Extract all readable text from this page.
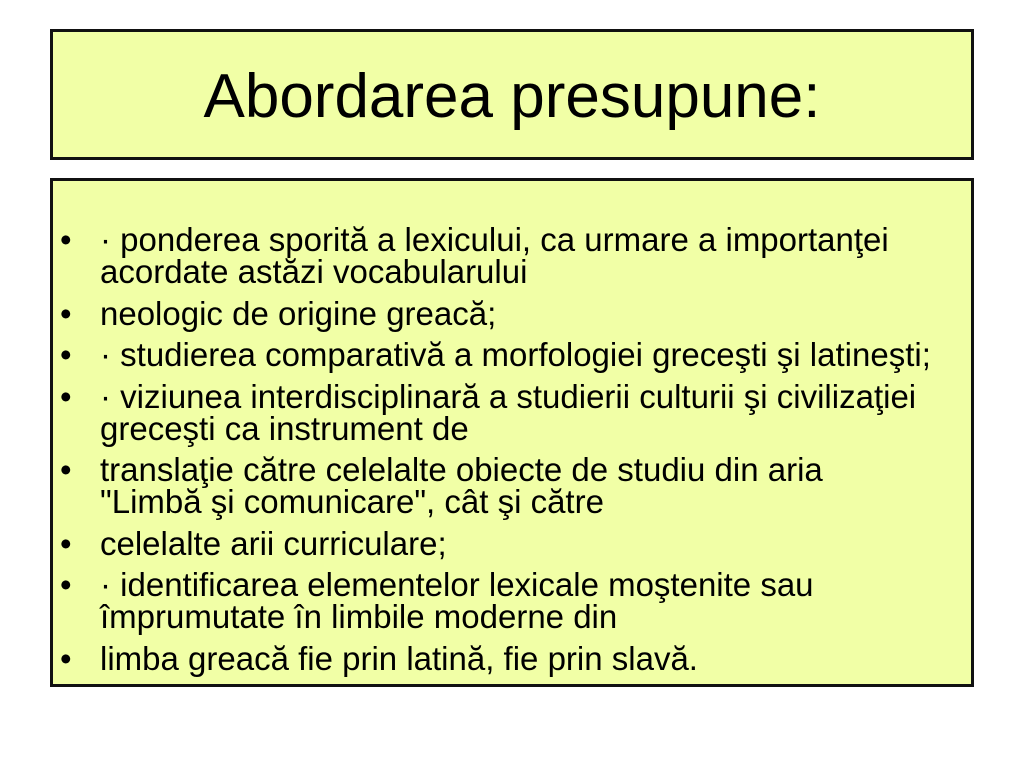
Abordarea presupune:
• · ponderea sporită a lexicului, ca urmare a importanţei
acordate astăzi vocabularului
• neologic de origine greacă;
• · studierea comparativă a morfologiei greceşti şi latineşti;
• · viziunea interdisciplinară a studierii culturii şi civilizaţiei
greceşti ca instrument de
• translaţie către celelalte obiecte de studiu din aria
"Limbă şi comunicare", cât şi către
• celelalte arii curriculare;
• · identificarea elementelor lexicale moştenite sau
împrumutate în limbile moderne din
• limba greacă fie prin latină, fie prin slavă.
